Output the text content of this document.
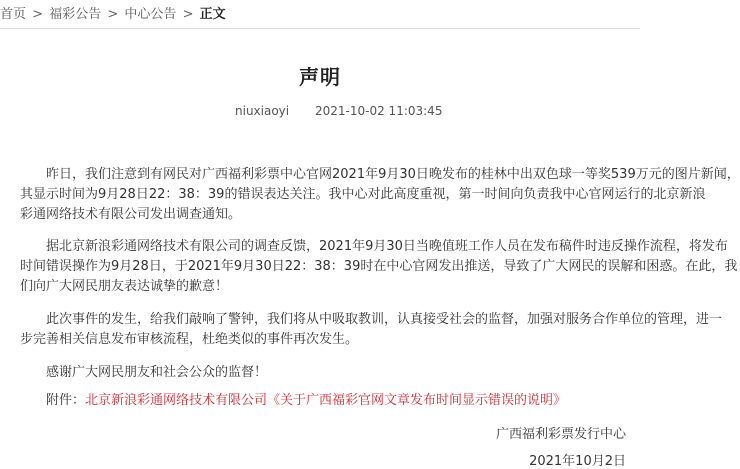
首页 > 福彩公告 > 中心公告 > 正文
声明
niuxiaoyi 2021-10-02 11:03:45
昨日，我们注意到有网民对广西福利彩票中心官网2021年9月30日晚发布的桂林中出双色球一等奖539万元的图片新闻，
其显示时间为9月28日22：38：39的错误表达关注。我中心对此高度重视，第一时间向负责我中心官网运行的北京新浪
彩通网络技术有限公司发出调查通知。
据北京新浪彩通网络技术有限公司的调查反馈，2021年9月30日当晚值班工作人员在发布稿件时违反操作流程，将发布
时间错误操作为9月28日，于2021年9月30日22：38：39时在中心官网发出推送，导致了广大网民的误解和困惑。在此，我
们向广大网民朋友表达诚挚的歉意！
此次事件的发生，给我们敲响了警钟，我们将从中吸取教训，认真接受社会的监督，加强对服务合作单位的管理，进一
步完善相关信息发布审核流程，杜绝类似的事件再次发生。
感谢广大网民朋友和社会公众的监督！
附件：北京新浪彩通网络技术有限公司《关于广西福彩官网文章发布时间显示错误的说明》
广西福利彩票发行中心
2021年10月2日
